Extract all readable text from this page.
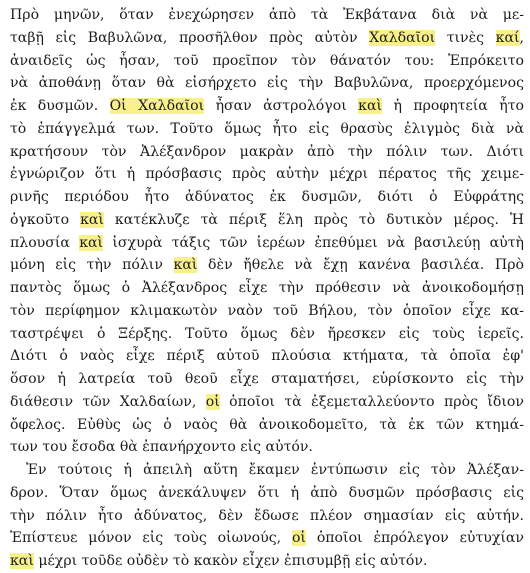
Πρὸ μηνῶν, ὅταν ἐνεχώρησεν ἀπὸ τὰ Ἐκβάτανα διὰ νὰ με-
ταβῇ εἰς Βαβυλῶνα, προσῆλθον πρὸς αὐτὸν Χαλδαῖοι τινὲς καί,
ἀναιδεῖς ὡς ἦσαν, τοῦ προεῖπον τὸν θάνατόν του: Ἐπρόκειτο
νὰ ἀποθάνῃ ὅταν θὰ εἰσήρχετο εἰς τὴν Βαβυλῶνα, προερχόμενος
ἐκ δυσμῶν. Οἱ Χαλδαῖοι ἦσαν ἀστρολόγοι καὶ ἡ προφητεία ἦτο
τὸ ἐπάγγελμά των. Τοῦτο ὅμως ἦτο εἰς θρασὺς ἐλιγμὸς διὰ νὰ
κρατήσουν τὸν Ἀλέξανδρον μακρὰν ἀπὸ τὴν πόλιν των. Διότι
ἐγνώριζον ὅτι ἡ πρόσβασις πρὸς αὐτὴν μέχρι πέρατος τῆς χειμε-
ρινῆς περιόδου ἦτο ἀδύνατος ἐκ δυσμῶν, διότι ὁ Εὐφράτης
ὀγκοῦτο καὶ κατέκλυζε τὰ πέριξ ἕλη πρὸς τὸ δυτικὸν μέρος. Ἡ
πλουσία καὶ ἰσχυρὰ τάξις τῶν ἱερέων ἐπεθύμει νὰ βασιλεύῃ αὐτὴ
μόνη εἰς τὴν πόλιν καὶ δὲν ἤθελε νὰ ἔχῃ κανένα βασιλέα. Πρὸ
παντὸς ὅμως ὁ Ἀλέξανδρος εἶχε τὴν πρόθεσιν νὰ ἀνοικοδομήσῃ
τὸν περίφημον κλιμακωτὸν ναὸν τοῦ Βήλου, τὸν ὁποῖον εἶχε κα-
ταστρέψει ὁ Ξέρξης. Τοῦτο ὅμως δὲν ἤρεσκεν εἰς τοὺς ἱερεῖς.
Διότι ὁ ναὸς εἶχε πέριξ αὐτοῦ πλούσια κτήματα, τὰ ὁποῖα ἐφ'
ὅσον ἡ λατρεία τοῦ θεοῦ εἶχε σταματήσει, εὑρίσκοντο εἰς τὴν
διάθεσιν τῶν Χαλδαίων, οἱ ὁποῖοι τὰ ἐξεμεταλλεύοντο πρὸς ἴδιον
ὄφελος. Εὐθὺς ὡς ὁ ναὸς θὰ ἀνοικοδομεῖτο, τὰ ἐκ τῶν κτημά-
των του ἔσοδα θὰ ἐπανήρχοντο εἰς αὐτόν.
Ἐν τούτοις ἡ ἀπειλὴ αὕτη ἔκαμεν ἐντύπωσιν εἰς τὸν Ἀλέξαν-
δρον. Ὅταν ὅμως ἀνεκάλυψεν ὅτι ἡ ἀπὸ δυσμῶν πρόσβασις εἰς
τὴν πόλιν ἦτο ἀδύνατος, δὲν ἔδωσε πλέον σημασίαν εἰς αὐτήν.
Ἐπίστευε μόνον εἰς τοὺς οἰωνούς, οἱ ὁποῖοι ἐπρόλεγον εὐτυχίαν
καὶ μέχρι τοῦδε οὐδὲν τὸ κακὸν εἶχεν ἐπισυμβῇ εἰς αὐτόν.
